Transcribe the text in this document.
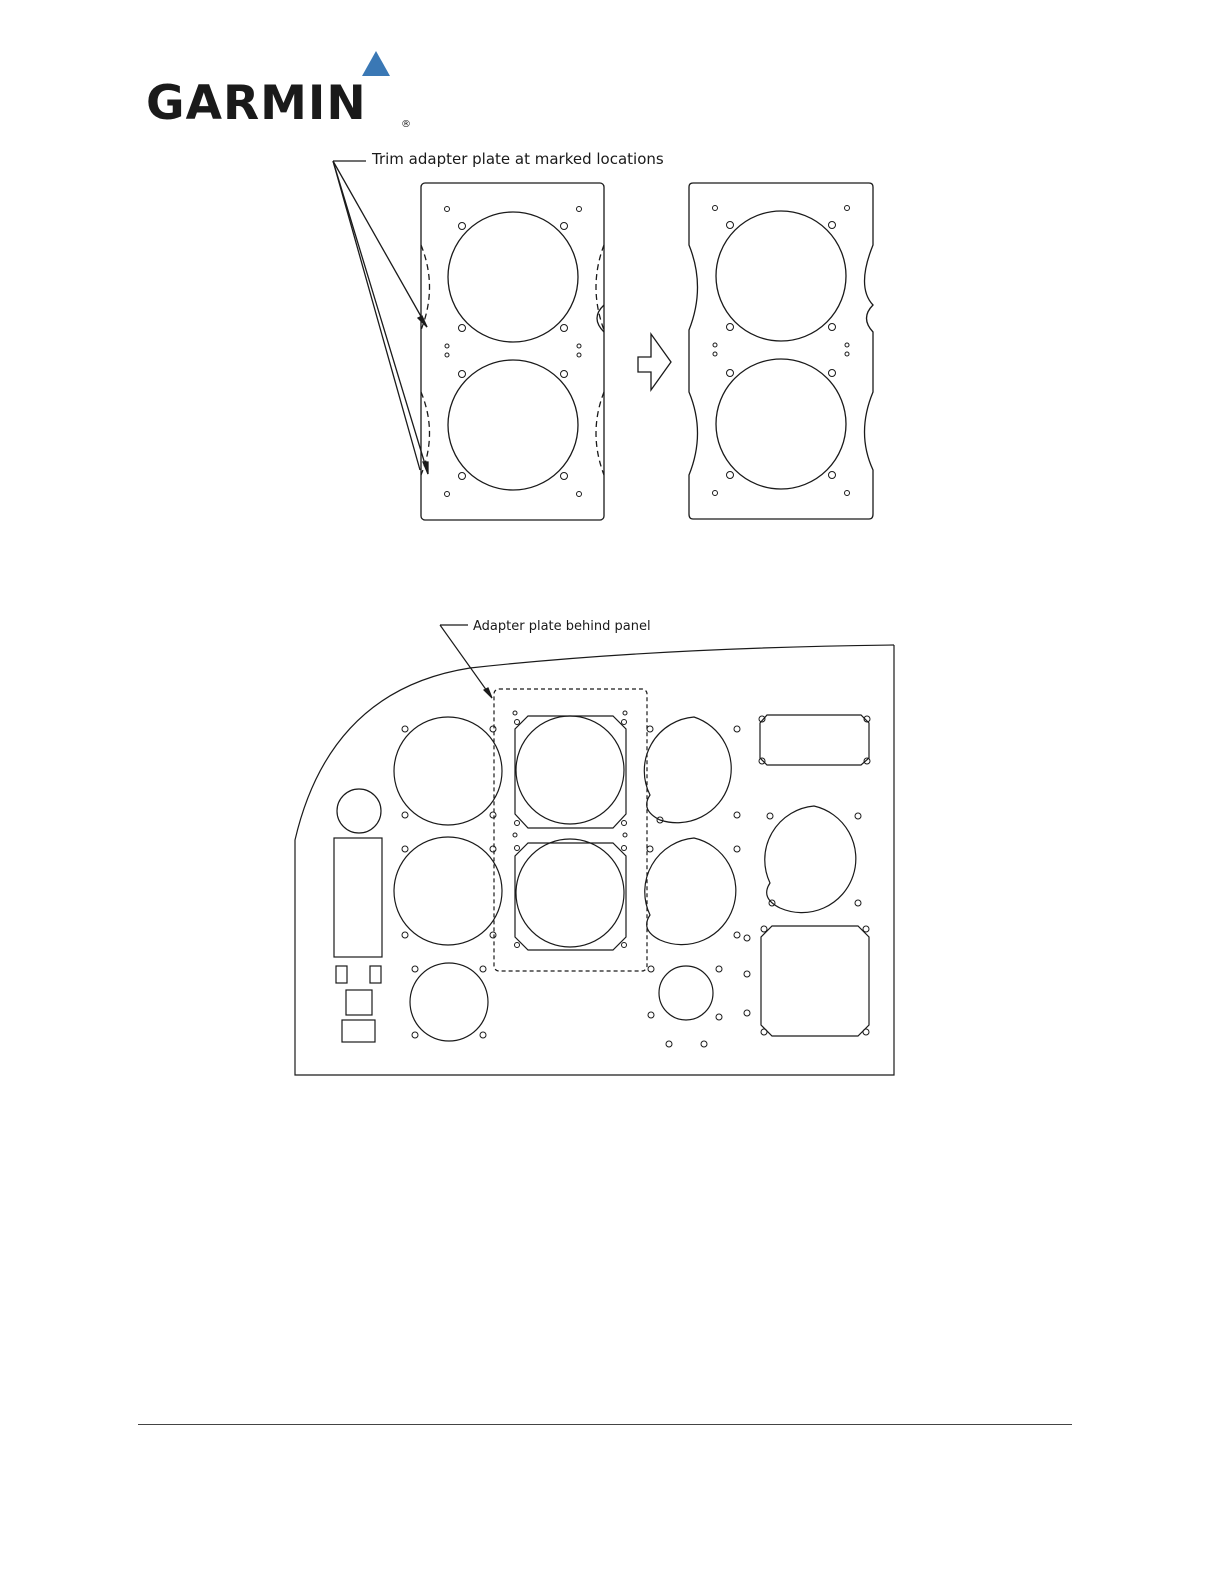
GARMIN	®
Trim adapter plate at marked locations
Adapter plate behind panel
